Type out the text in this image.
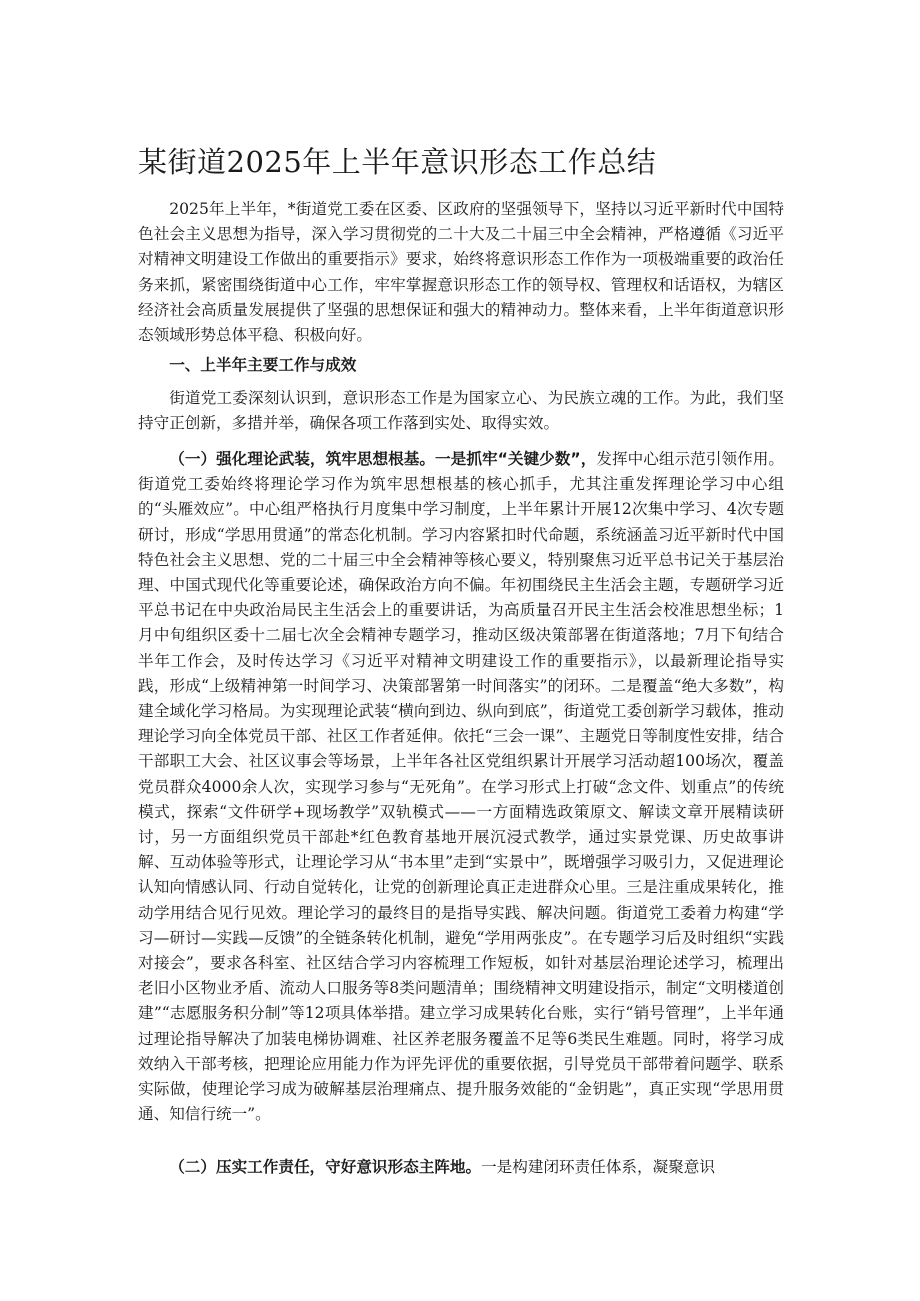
某街道2025年上半年意识形态工作总结

2025年上半年，*街道党工委在区委、区政府的坚强领导下，坚持以习近平新时代中国特色社会主义思想为指导，深入学习贯彻党的二十大及二十届三中全会精神，严格遵循《习近平对精神文明建设工作做出的重要指示》要求，始终将意识形态工作作为一项极端重要的政治任务来抓，紧密围绕街道中心工作，牢牢掌握意识形态工作的领导权、管理权和话语权，为辖区经济社会高质量发展提供了坚强的思想保证和强大的精神动力。整体来看，上半年街道意识形态领域形势总体平稳、积极向好。

一、上半年主要工作与成效

街道党工委深刻认识到，意识形态工作是为国家立心、为民族立魂的工作。为此，我们坚持守正创新，多措并举，确保各项工作落到实处、取得实效。

（一）强化理论武装，筑牢思想根基。一是抓牢“关键少数”，发挥中心组示范引领作用。街道党工委始终将理论学习作为筑牢思想根基的核心抓手，尤其注重发挥理论学习中心组的“头雁效应”。中心组严格执行月度集中学习制度，上半年累计开展12次集中学习、4次专题研讨，形成“学思用贯通”的常态化机制。学习内容紧扣时代命题，系统涵盖习近平新时代中国特色社会主义思想、党的二十届三中全会精神等核心要义，特别聚焦习近平总书记关于基层治理、中国式现代化等重要论述，确保政治方向不偏。年初围绕民主生活会主题，专题研学习近平总书记在中央政治局民主生活会上的重要讲话，为高质量召开民主生活会校准思想坐标；1月中旬组织区委十二届七次全会精神专题学习，推动区级决策部署在街道落地；7月下旬结合半年工作会，及时传达学习《习近平对精神文明建设工作的重要指示》，以最新理论指导实践，形成“上级精神第一时间学习、决策部署第一时间落实”的闭环。二是覆盖“绝大多数”，构建全域化学习格局。为实现理论武装“横向到边、纵向到底”，街道党工委创新学习载体，推动理论学习向全体党员干部、社区工作者延伸。依托“三会一课”、主题党日等制度性安排，结合干部职工大会、社区议事会等场景，上半年各社区党组织累计开展学习活动超100场次，覆盖党员群众4000余人次，实现学习参与“无死角”。在学习形式上打破“念文件、划重点”的传统模式，探索“文件研学+现场教学”双轨模式——一方面精选政策原文、解读文章开展精读研讨，另一方面组织党员干部赴*红色教育基地开展沉浸式教学，通过实景党课、历史故事讲解、互动体验等形式，让理论学习从“书本里”走到“实景中”，既增强学习吸引力，又促进理论认知向情感认同、行动自觉转化，让党的创新理论真正走进群众心里。三是注重成果转化，推动学用结合见行见效。理论学习的最终目的是指导实践、解决问题。街道党工委着力构建“学习—研讨—实践—反馈”的全链条转化机制，避免“学用两张皮”。在专题学习后及时组织“实践对接会”，要求各科室、社区结合学习内容梳理工作短板，如针对基层治理论述学习，梳理出老旧小区物业矛盾、流动人口服务等8类问题清单；围绕精神文明建设指示，制定“文明楼道创建”“志愿服务积分制”等12项具体举措。建立学习成果转化台账，实行“销号管理”，上半年通过理论指导解决了加装电梯协调难、社区养老服务覆盖不足等6类民生难题。同时，将学习成效纳入干部考核，把理论应用能力作为评先评优的重要依据，引导党员干部带着问题学、联系实际做，使理论学习成为破解基层治理痛点、提升服务效能的“金钥匙”，真正实现“学思用贯通、知信行统一”。

（二）压实工作责任，守好意识形态主阵地。一是构建闭环责任体系，凝聚意识
